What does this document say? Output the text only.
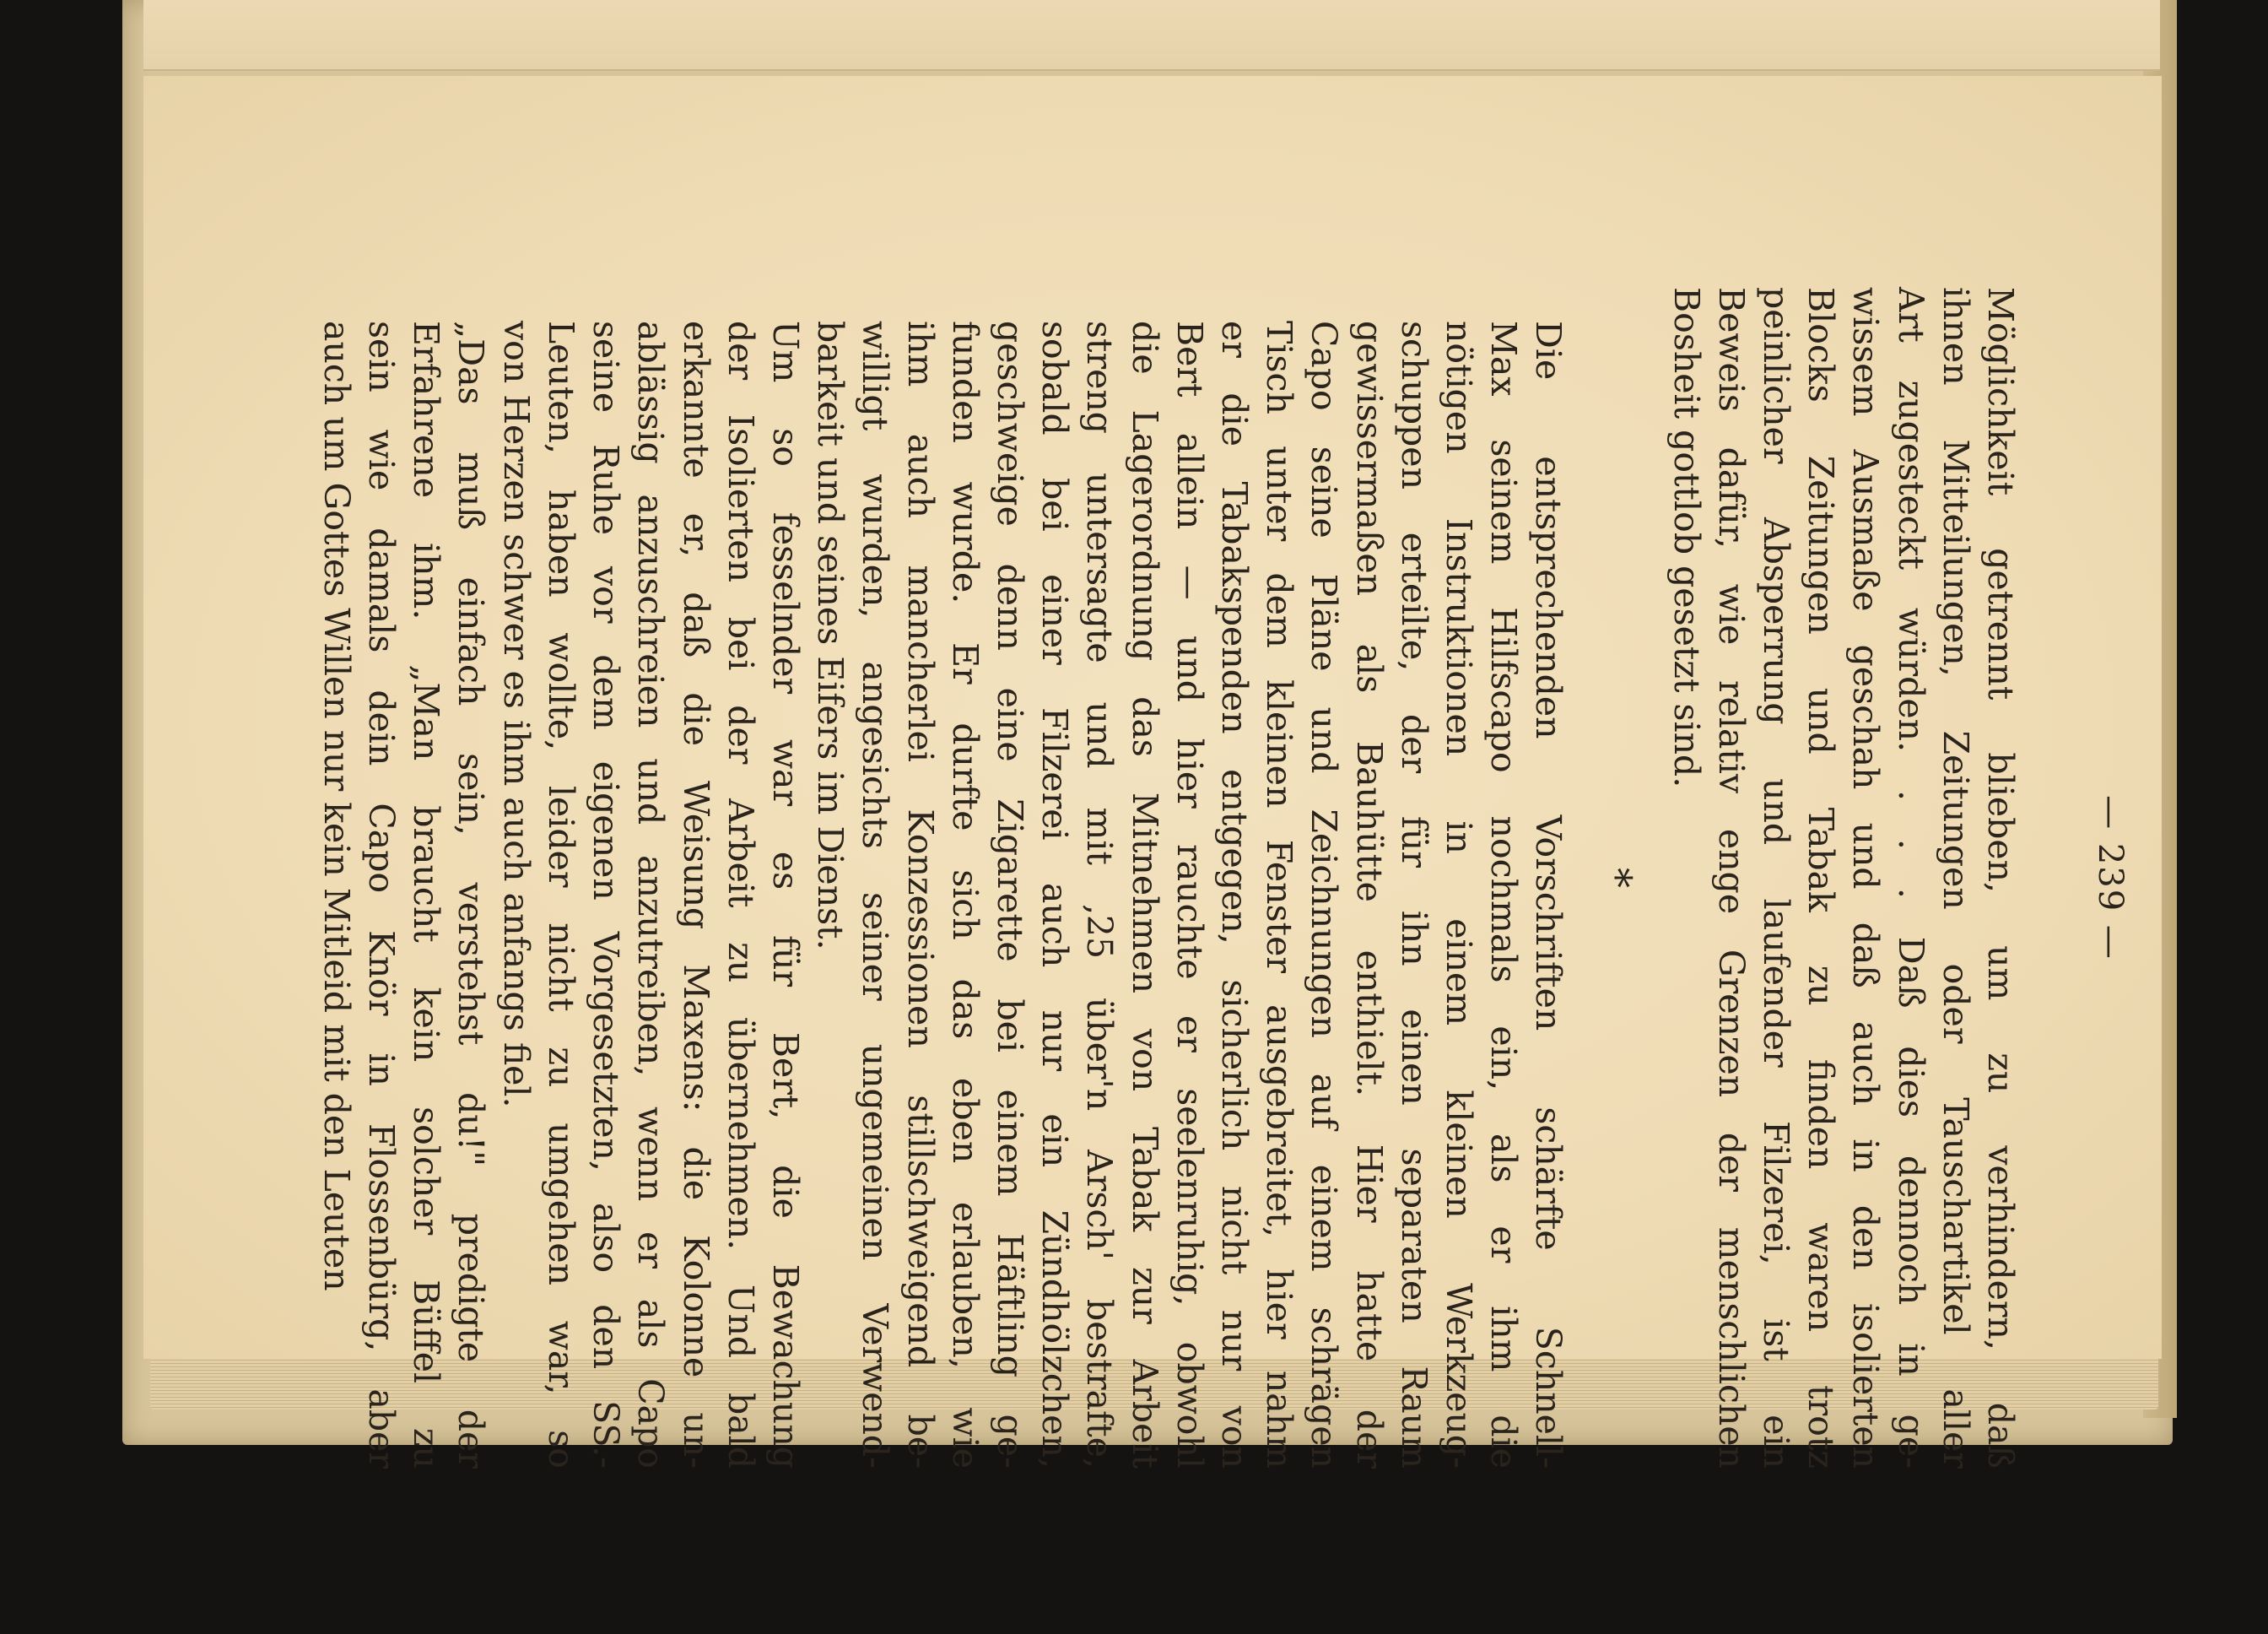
— 239 —
Möglichkeit getrennt blieben, um zu verhindern, daß
ihnen Mitteilungen, Zeitungen oder Tauschartikel aller
Art zugesteckt würden. . . . Daß dies dennoch in ge-
wissem Ausmaße geschah und daß auch in den isolierten
Blocks Zeitungen und Tabak zu finden waren trotz
peinlicher Absperrung und laufender Filzerei, ist ein
Beweis dafür, wie relativ enge Grenzen der menschlichen
Bosheit gottlob gesetzt sind.
*
Die entsprechenden Vorschriften schärfte Schnell-
Max seinem Hilfscapo nochmals ein, als er ihm die
nötigen Instruktionen in einem kleinen Werkzeug-
schuppen erteilte, der für ihn einen separaten Raum
gewissermaßen als Bauhütte enthielt. Hier hatte der
Capo seine Pläne und Zeichnungen auf einem schrägen
Tisch unter dem kleinen Fenster ausgebreitet, hier nahm
er die Tabakspenden entgegen, sicherlich nicht nur von
Bert allein — und hier rauchte er seelenruhig, obwohl
die Lagerordnung das Mitnehmen von Tabak zur Arbeit
streng untersagte und mit ‚25 über'n Arsch' bestrafte,
sobald bei einer Filzerei auch nur ein Zündhölzchen,
geschweige denn eine Zigarette bei einem Häftling ge-
funden wurde. Er durfte sich das eben erlauben, wie
ihm auch mancherlei Konzessionen stillschweigend be-
willigt wurden, angesichts seiner ungemeinen Verwend-
barkeit und seines Eifers im Dienst.
Um so fesselnder war es für Bert, die Bewachung
der Isolierten bei der Arbeit zu übernehmen. Und bald
erkannte er, daß die Weisung Maxens: die Kolonne un-
ablässig anzuschreien und anzutreiben, wenn er als Capo
seine Ruhe vor dem eigenen Vorgesetzten, also den SS.-
Leuten, haben wollte, leider nicht zu umgehen war, so
von Herzen schwer es ihm auch anfangs fiel.
„Das muß einfach sein, verstehst du!" predigte der
Erfahrene ihm. „Man braucht kein solcher Büffel zu
sein wie damals dein Capo Knör in Flossenbürg, aber
auch um Gottes Willen nur kein Mitleid mit den Leuten
